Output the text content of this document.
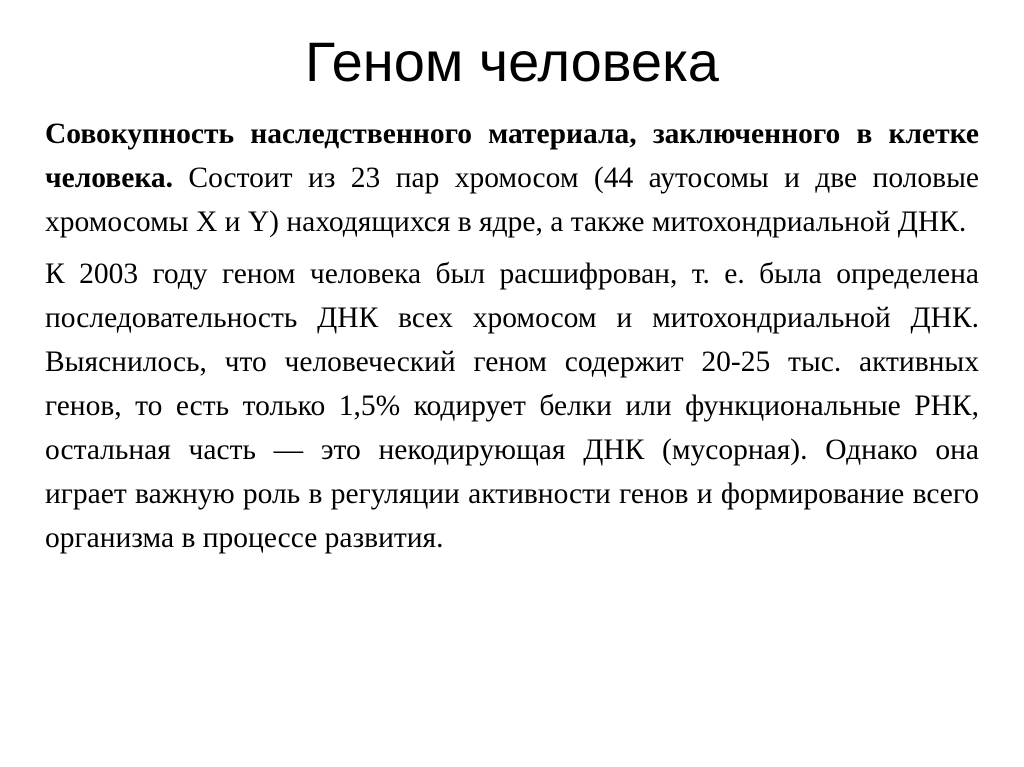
Геном человека

Совокупность наследственного материала, заключенного в клетке человека. Состоит из 23 пар хромосом (44 аутосомы и две половые хромосомы X и Y) находящихся в ядре, а также митохондриальной ДНК.

К 2003 году геном человека был расшифрован, т. е. была определена последовательность ДНК всех хромосом и митохондриальной ДНК. Выяснилось, что человеческий геном содержит 20-25 тыс. активных генов, то есть только 1,5% кодирует белки или функциональные РНК, остальная часть — это некодирующая ДНК (мусорная). Однако она играет важную роль в регуляции активности генов и формирование всего организма в процессе развития.
